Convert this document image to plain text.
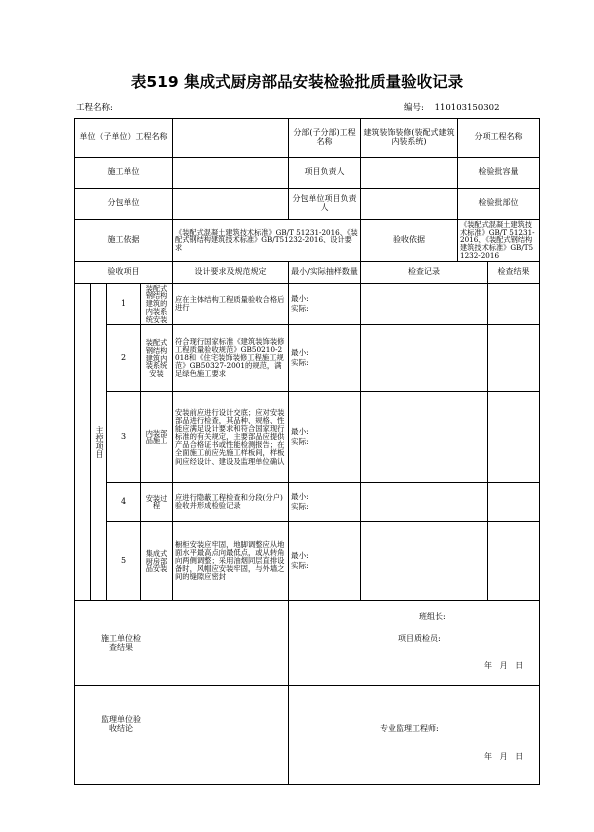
表519 集成式厨房部品安装检验批质量验收记录
工程名称:	编号: 110103150302
单位（子单位）工程名称					分部(子分部)工程名称	建筑装饰装修(装配式建筑内装系统)	分项工程名称	
施工单位					项目负责人		检验批容量		
分包单位					分包单位项目负责人		检验批部位		
施工依据				《装配式混凝土建筑技术标准》GB/T 51231-2016、《装配式钢结构建筑技术标准》GB/T51232-2016、设计要求		验收依据	《装配式混凝土建筑技术标准》GB/T 51231-2016、《装配式钢结构建筑技术标准》GB/T51232-2016		
验收项目				设计要求及规范规定	最小/实际抽样数量	检查记录		检查结果	

	主控项目	1	装配式钢结构建筑的内装系统安装	应在主体结构工程质量验收合格后进行	最小:
实际:				
		2	装配式钢结构建筑内装系统安装	符合现行国家标准《建筑装饰装修工程质量验收规范》GB50210-2018和《住宅装饰装修工程施工规范》GB50327-2001的规范，满足绿色施工要求	最小:
实际:				
		3	内装部品施工	安装前应进行设计交底；应对安装部品进行检查，其品种、规格、性能应满足设计要求和符合国家现行标准的有关规定，主要部品应提供产品合格证书或性能检测报告；在全面施工前应先施工样板间，样板间应经设计、建设及监理单位确认	最小:
实际:				
		4	安装过程	应进行隐蔽工程检查和分段(分户)验收并形成检验记录	最小:
实际:				
		5	集成式厨房部品安装	橱柜安装应牢固，地脚调整应从地面水平最高点向最低点，或从转角向两侧调整；采用油烟同层直排设备时，风帽应安装牢固，与外墙之间的缝隙应密封	最小:
实际:				

施工单位检查结果					班组长:
项目质检员:
年   月   日				

监理单位验收结论					专业监理工程师:
年   月   日				
